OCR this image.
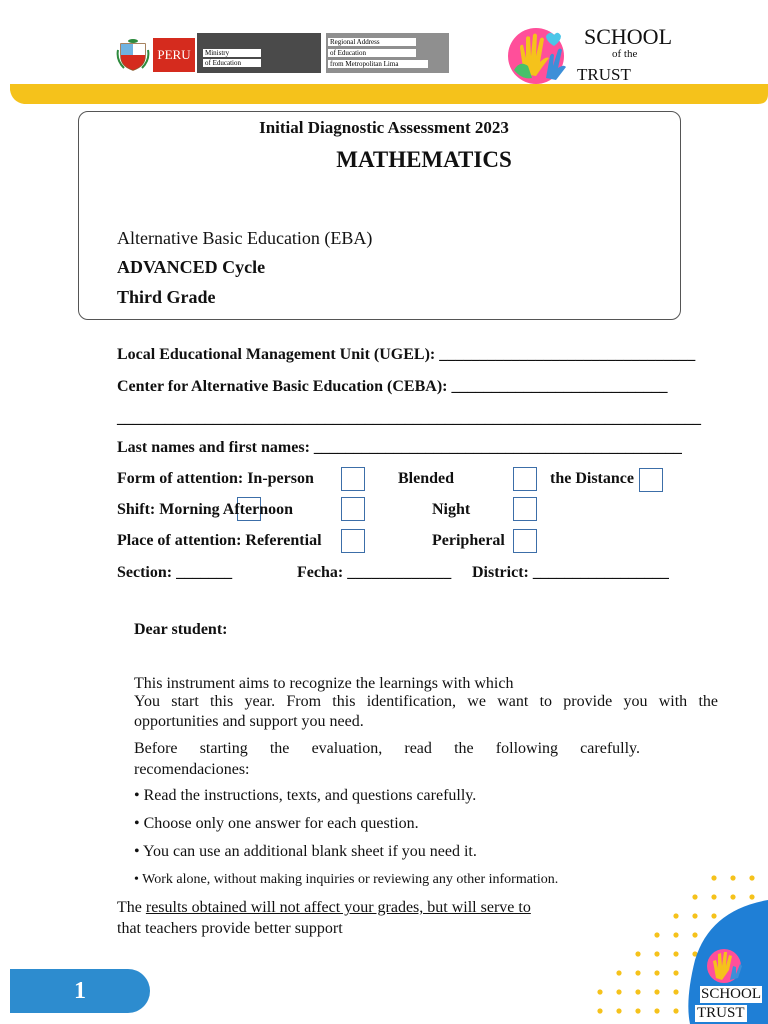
PERU	Ministry
of Education
Regional Address
of Education
from Metropolitan Lima
SCHOOL
of the
TRUST
Initial Diagnostic Assessment 2023
MATHEMATICS
Alternative Basic Education (EBA)
ADVANCED Cycle
Third Grade
Local Educational Management Unit (UGEL): ________________________________
Center for Alternative Basic Education (CEBA): ___________________________
_________________________________________________________________________
Last names and first names: ______________________________________________
Form of attention: In-person	Blended	the Distance
Shift: Morning Afternoon	Night
Place of attention: Referential	Peripheral
Section: _______	Fecha: _____________ District: _________________
Dear student:
This instrument aims to recognize the learnings with which
You start this year. From this identification, we want to provide you with the
opportunities and support you need.
Before starting the evaluation, read the following carefully.
recomendaciones:
• Read the instructions, texts, and questions carefully.
• Choose only one answer for each question.
• You can use an additional blank sheet if you need it.
• Work alone, without making inquiries or reviewing any other information.
The results obtained will not affect your grades, but will serve to
that teachers provide better support
1	SCHOOL
TRUST
